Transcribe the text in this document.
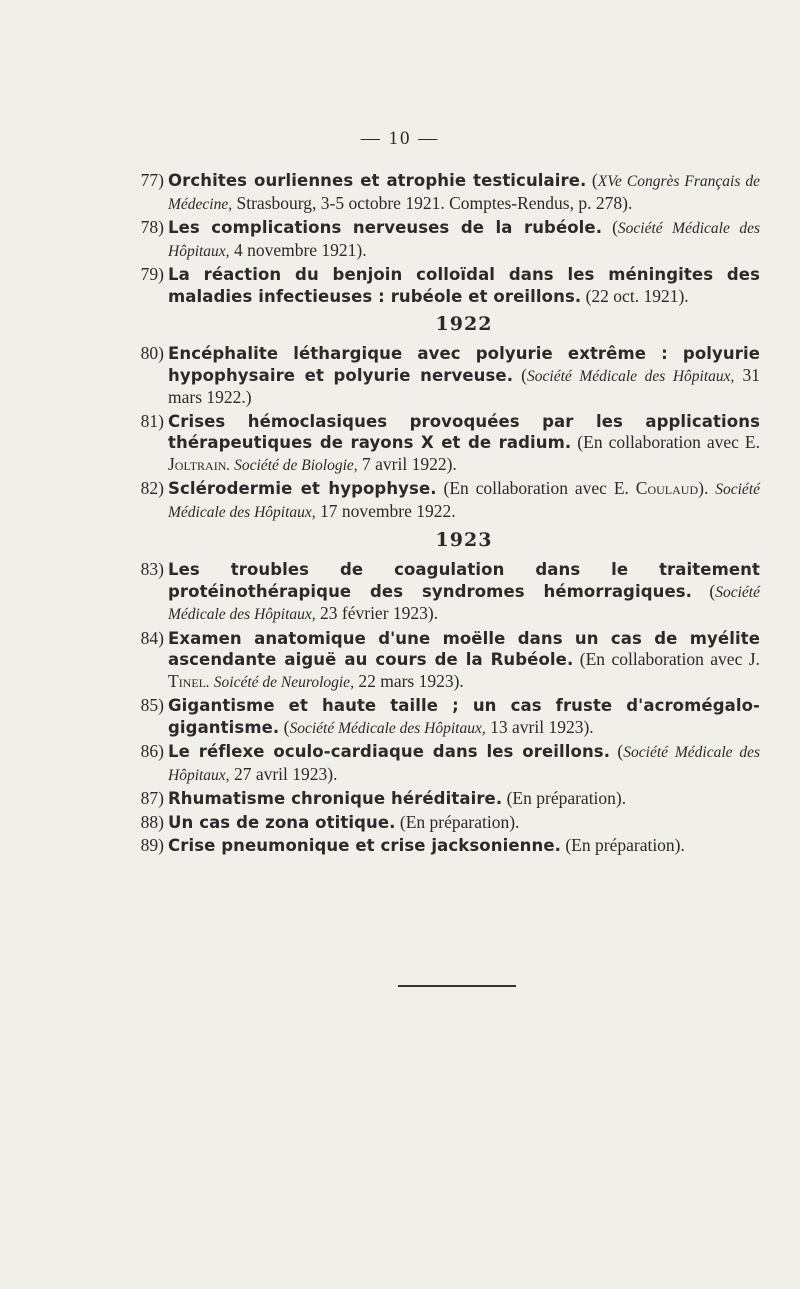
— 10 —
77) Orchites ourliennes et atrophie testiculaire. (XVe Congrès Français de Médecine, Strasbourg, 3-5 octobre 1921. Comptes-Rendus, p. 278).
78) Les complications nerveuses de la rubéole. (Société Médicale des Hôpitaux, 4 novembre 1921).
79) La réaction du benjoin colloïdal dans les méningites des maladies infectieuses : rubéole et oreillons. (22 oct. 1921).
1922
80) Encéphalite léthargique avec polyurie extrême : polyurie hypophysaire et polyurie nerveuse. (Société Médicale des Hôpitaux, 31 mars 1922.)
81) Crises hémoclasiques provoquées par les applications thérapeutiques de rayons X et de radium. (En collaboration avec E. Joltrain. Société de Biologie, 7 avril 1922).
82) Sclérodermie et hypophyse. (En collaboration avec E. Coulaud). Société Médicale des Hôpitaux, 17 novembre 1922.
1923
83) Les troubles de coagulation dans le traitement protéinothérapique des syndromes hémorragiques. (Société Médicale des Hôpitaux, 23 février 1923).
84) Examen anatomique d'une moëlle dans un cas de myélite ascendante aiguë au cours de la Rubéole. (En collaboration avec J. Tinel. Soicété de Neurologie, 22 mars 1923).
85) Gigantisme et haute taille ; un cas fruste d'acromégalo-gigantisme. (Société Médicale des Hôpitaux, 13 avril 1923).
86) Le réflexe oculo-cardiaque dans les oreillons. (Société Médicale des Hôpitaux, 27 avril 1923).
87) Rhumatisme chronique héréditaire. (En préparation).
88) Un cas de zona otitique. (En préparation).
89) Crise pneumonique et crise jacksonienne. (En préparation).
